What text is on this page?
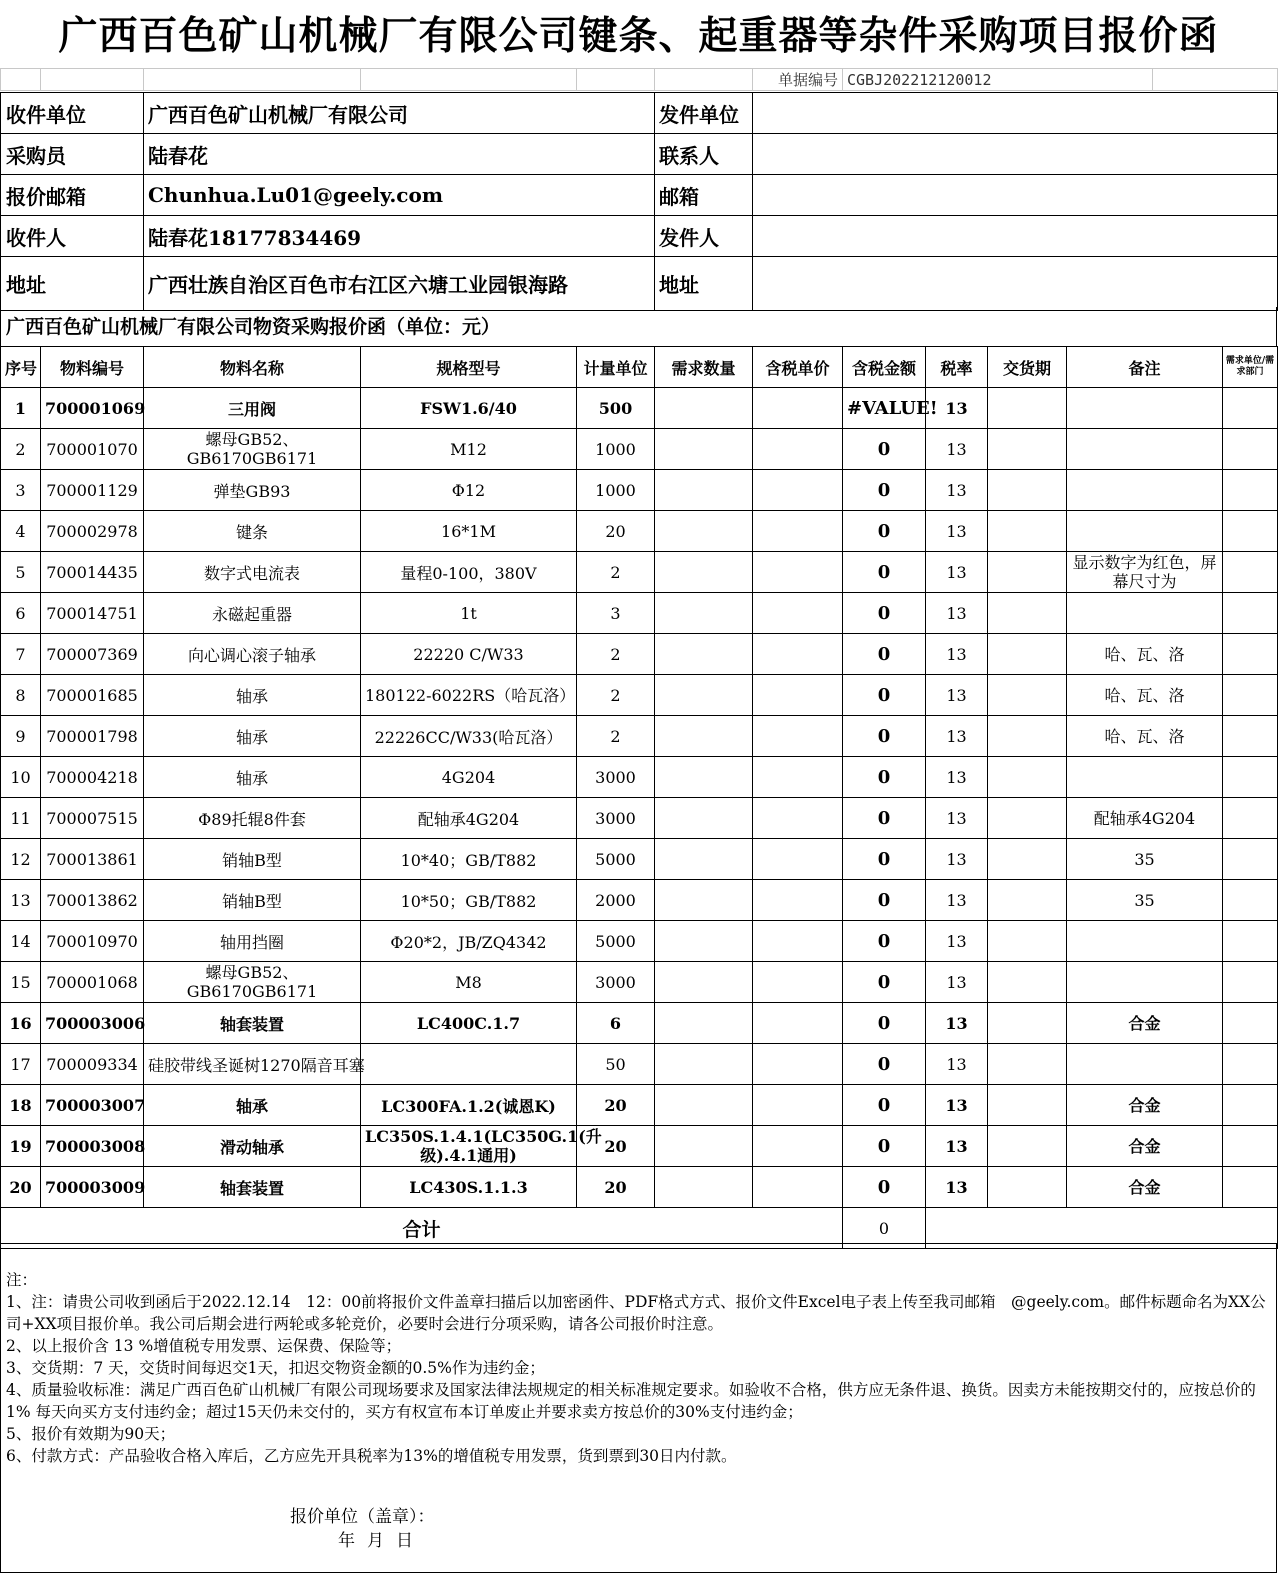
广西百色矿山机械厂有限公司键条、起重器等杂件采购项目报价函
						单据编号	CGBJ202212120012	
收件单位	广西百色矿山机械厂有限公司	发件单位	
采购员	陆春花	联系人	
报价邮箱	Chunhua.Lu01@geely.com	邮箱	
收件人	陆春花18177834469	发件人	
地址	广西壮族自治区百色市右江区六塘工业园银海路	地址	
广西百色矿山机械厂有限公司物资采购报价函（单位：元）
序号	物料编号	物料名称	规格型号	计量单位	需求数量	含税单价	含税金额	税率	交货期	备注	需求单位/需求部门
1	700001069	三用阀	FSW1.6/40	500			#VALUE!	13			
2	700001070	螺母GB52、GB6170GB6171	M12	1000			0	13			
3	700001129	弹垫GB93	Φ12	1000			0	13			
4	700002978	键条	16*1M	20			0	13			
5	700014435	数字式电流表	量程0-100，380V	2			0	13		显示数字为红色，屏幕尺寸为	
6	700014751	永磁起重器	1t	3			0	13			
7	700007369	向心调心滚子轴承	22220 C/W33	2			0	13		哈、瓦、洛	
8	700001685	轴承	180122-6022RS（哈瓦洛）	2			0	13		哈、瓦、洛	
9	700001798	轴承	22226CC/W33(哈瓦洛）	2			0	13		哈、瓦、洛	
10	700004218	轴承	4G204	3000			0	13			
11	700007515	Φ89托辊8件套	配轴承4G204	3000			0	13		配轴承4G204	
12	700013861	销轴B型	10*40；GB/T882	5000			0	13		35	
13	700013862	销轴B型	10*50；GB/T882	2000			0	13		35	
14	700010970	轴用挡圈	Φ20*2，JB/ZQ4342	5000			0	13			
15	700001068	螺母GB52、GB6170GB6171	M8	3000			0	13			
16	700003006	轴套装置	LC400C.1.7	6			0	13		合金	
17	700009334	硅胶带线圣诞树1270隔音耳塞		50			0	13			
18	700003007	轴承	LC300FA.1.2(诚恩K)	20			0	13		合金	
19	700003008	滑动轴承	LC350S.1.4.1(LC350G.1(升级).4.1通用)	20			0	13		合金	
20	700003009	轴套装置	LC430S.1.1.3	20			0	13		合金	
合计							0				

注：

1、注：请贵公司收到函后于2022.12.14　12：00前将报价文件盖章扫描后以加密函件、PDF格式方式、报价文件Excel电子表上传至我司邮箱　@geely.com。邮件标题命名为XX公司+XX项目报价单。我公司后期会进行两轮或多轮竞价，必要时会进行分项采购，请各公司报价时注意。

2、以上报价含 13 %增值税专用发票、运保费、保险等；

3、交货期：7 天，交货时间每迟交1天，扣迟交物资金额的0.5%作为违约金；

4、质量验收标准：满足广西百色矿山机械厂有限公司现场要求及国家法律法规规定的相关标准规定要求。如验收不合格，供方应无条件退、换货。因卖方未能按期交付的，应按总价的1% 每天向买方支付违约金；超过15天仍未交付的，买方有权宣布本订单废止并要求卖方按总价的30%支付违约金；

5、报价有效期为90天；

6、付款方式：产品验收合格入库后，乙方应先开具税率为13%的增值税专用发票，货到票到30日内付款。

报价单位（盖章）：
年月日
